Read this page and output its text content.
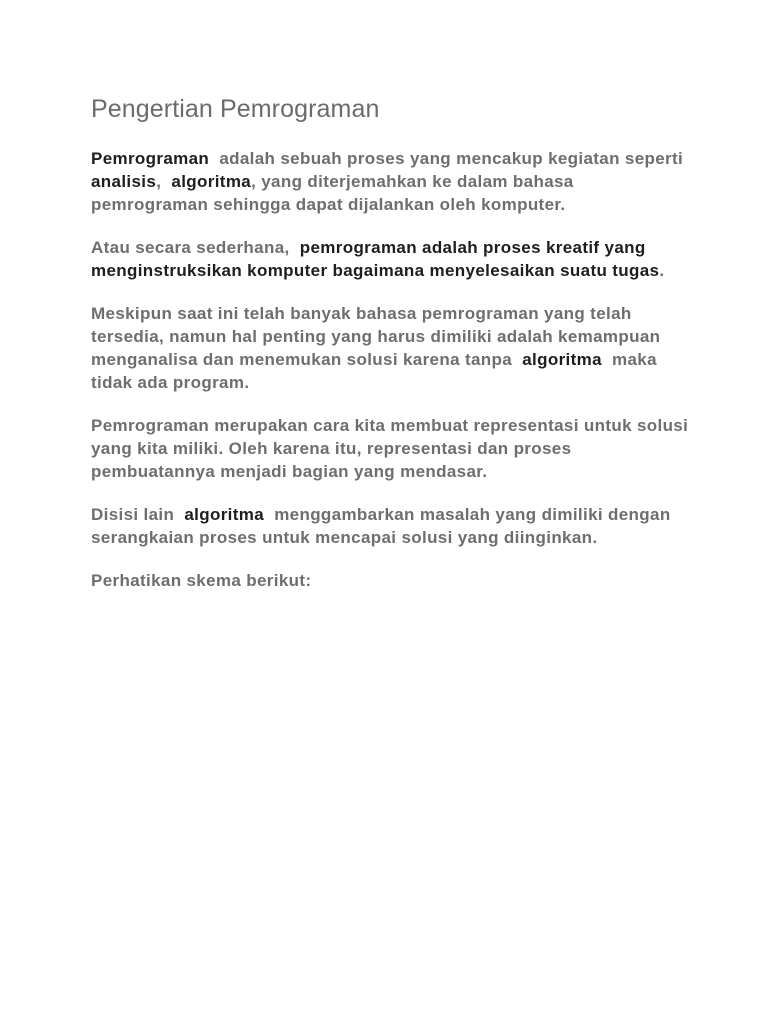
Pengertian Pemrograman

Pemrograman  adalah sebuah proses yang mencakup kegiatan seperti  analisis,  algoritma, yang diterjemahkan ke dalam bahasa pemrograman sehingga dapat dijalankan oleh komputer.

Atau secara sederhana,  pemrograman adalah proses kreatif yang menginstruksikan komputer bagaimana menyelesaikan suatu tugas.

Meskipun saat ini telah banyak bahasa pemrograman yang telah tersedia, namun hal penting yang harus dimiliki adalah kemampuan menganalisa dan menemukan solusi karena tanpa  algoritma  maka tidak ada program.

Pemrograman merupakan cara kita membuat representasi untuk solusi yang kita miliki. Oleh karena itu, representasi dan proses pembuatannya menjadi bagian yang mendasar.

Disisi lain  algoritma  menggambarkan masalah yang dimiliki dengan serangkaian proses untuk mencapai solusi yang diinginkan.

Perhatikan skema berikut:
